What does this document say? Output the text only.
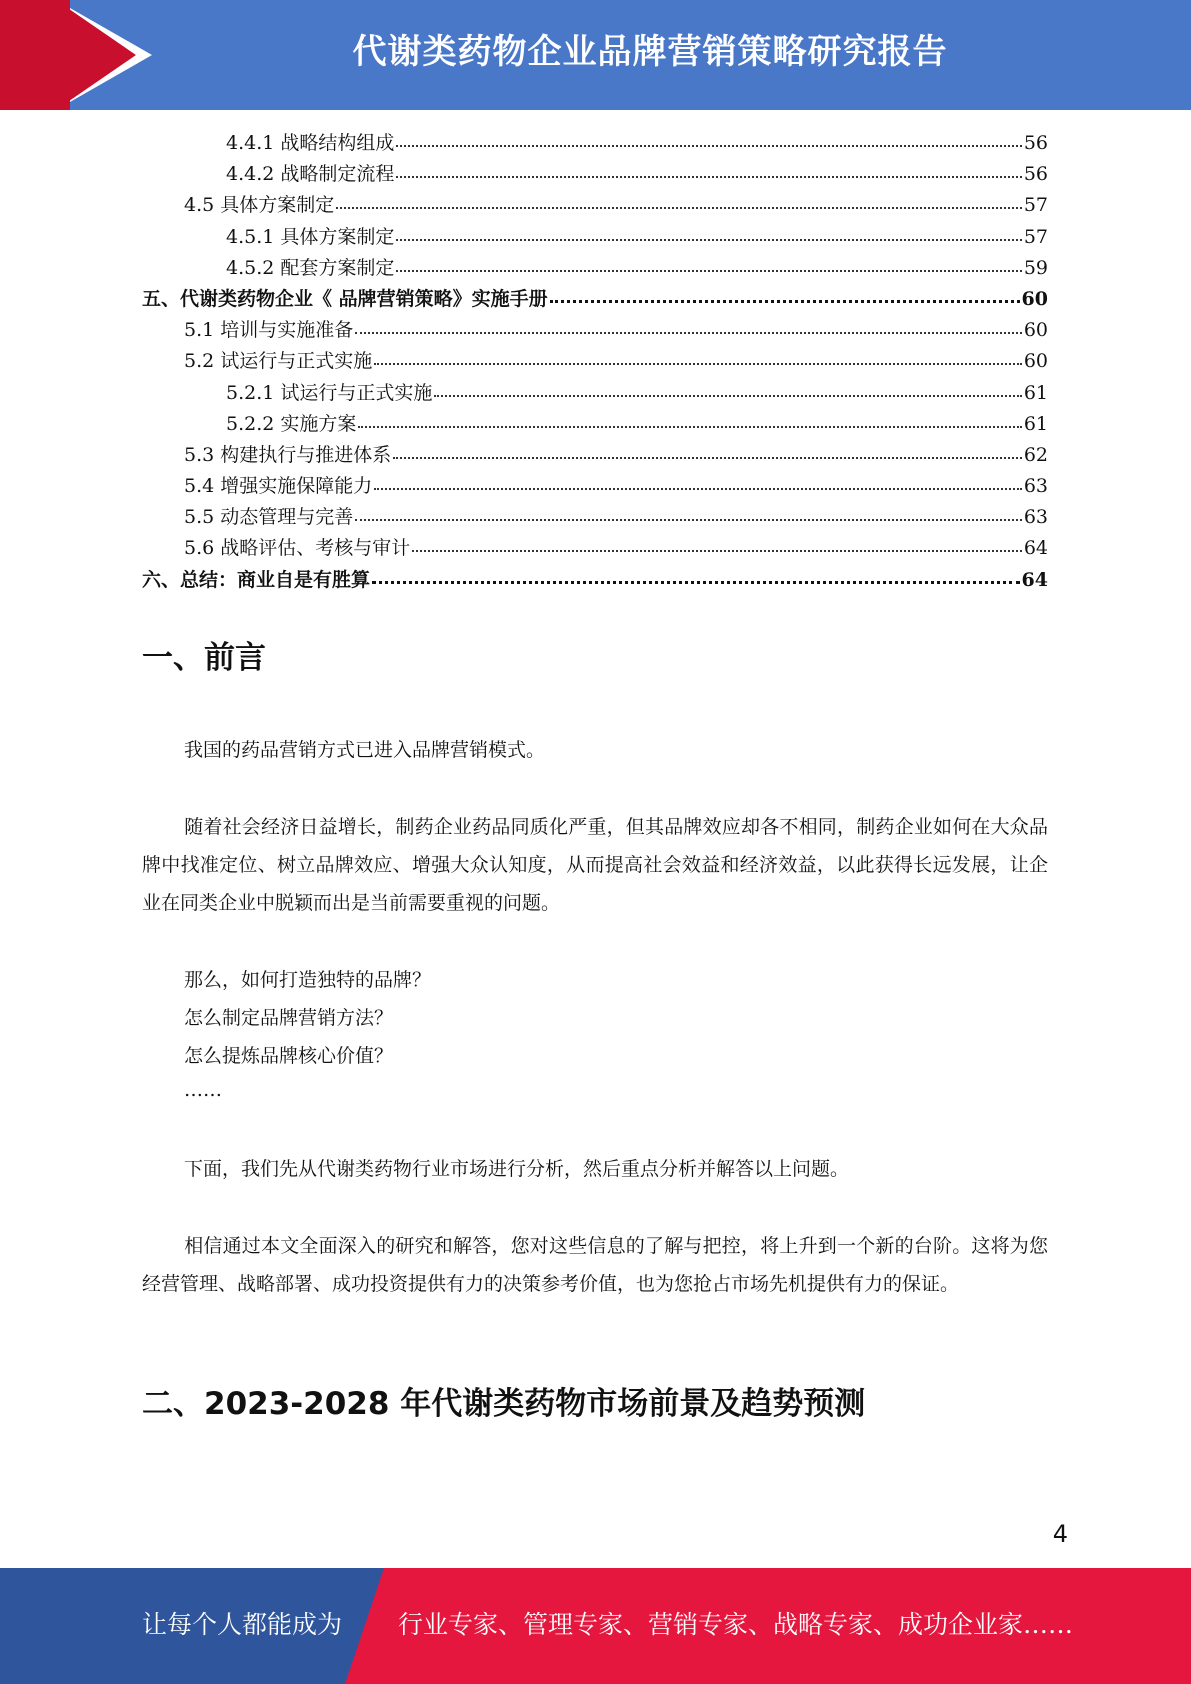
代谢类药物企业品牌营销策略研究报告
4.4.1 战略结构组成	56
4.4.2 战略制定流程	56
4.5 具体方案制定	57
4.5.1 具体方案制定	57
4.5.2 配套方案制定	59
五、代谢类药物企业《 品牌营销策略》实施手册	60
5.1 培训与实施准备	60
5.2 试运行与正式实施	60
5.2.1 试运行与正式实施	61
5.2.2 实施方案	61
5.3 构建执行与推进体系	62
5.4 增强实施保障能力	63
5.5 动态管理与完善	63
5.6 战略评估、考核与审计	64
六、总结：商业自是有胜算	64
一、前言
我国的药品营销方式已进入品牌营销模式。
随着社会经济日益增长，制药企业药品同质化严重，但其品牌效应却各不相同，制药企业如何在大众品牌中找准定位、树立品牌效应、增强大众认知度，从而提高社会效益和经济效益，以此获得长远发展，让企业在同类企业中脱颖而出是当前需要重视的问题。
那么，如何打造独特的品牌？
怎么制定品牌营销方法？
怎么提炼品牌核心价值？
……
下面，我们先从代谢类药物行业市场进行分析，然后重点分析并解答以上问题。
相信通过本文全面深入的研究和解答，您对这些信息的了解与把控，将上升到一个新的台阶。这将为您经营管理、战略部署、成功投资提供有力的决策参考价值，也为您抢占市场先机提供有力的保证。
二、2023-2028 年代谢类药物市场前景及趋势预测
4
让每个人都能成为 行业专家、管理专家、营销专家、战略专家、成功企业家……
